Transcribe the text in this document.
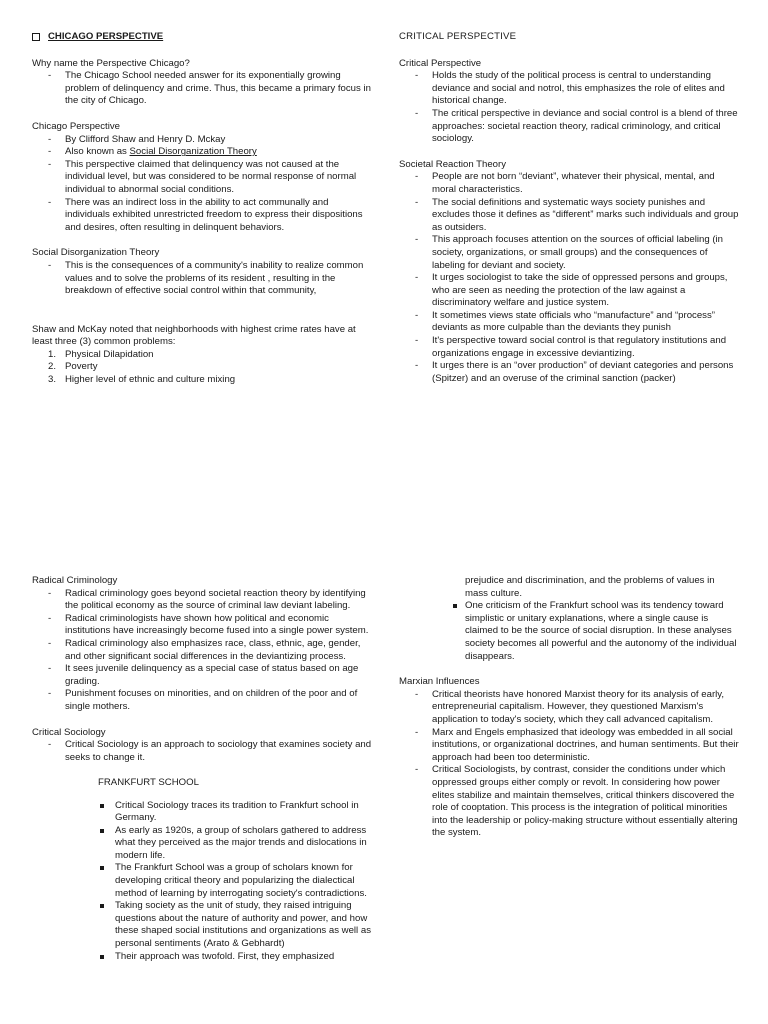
CHICAGO PERSPECTIVE

Why name the Perspective Chicago?

- The Chicago School needed answer for its exponentially growing problem of delinquency and crime. Thus, this became a primary focus in the city of Chicago.

Chicago Perspective

- By Clifford Shaw and Henry D. Mckay
- Also known as Social Disorganization Theory
- This perspective claimed that delinquency was not caused at the individual level, but was considered to be normal response of normal individual to abnormal social conditions.
- There was an indirect loss in the ability to act communally and individuals exhibited unrestricted freedom to express their dispositions and desires, often resulting in delinquent behaviors.

Social Disorganization Theory

- This is the consequences of a community's inability to realize common values and to solve the problems of its resident , resulting in the breakdown of effective social control within that community,

Shaw and McKay noted that neighborhoods with highest crime rates have at least three (3) common problems:

1. Physical Dilapidation
2. Poverty
3. Higher level of ethnic and culture mixing

CRITICAL PERSPECTIVE

Critical Perspective

- Holds the study of the political process is central to understanding deviance and social and notrol, this emphasizes the role of elites and historical change.
- The critical perspective in deviance and social control is a blend of three approaches: societal reaction theory, radical criminology, and critical sociology.

Societal Reaction Theory

- People are not born “deviant”, whatever their physical, mental, and moral characteristics.
- The social definitions and systematic ways society punishes and excludes those it defines as “different” marks such individuals and group as outsiders.
- This approach focuses attention on the sources of official labeling (in society, organizations, or small groups) and the consequences of labeling for deviant and society.
- It urges sociologist to take the side of oppressed persons and groups, who are seen as needing the protection of the law against a discriminatory welfare and justice system.
- It sometimes views state officials who “manufacture” and “process” deviants as more culpable than the deviants they punish
- It's perspective toward social control is that regulatory institutions and organizations engage in excessive deviantizing.
- It urges there is an “over production” of deviant categories and persons (Spitzer) and an overuse of the criminal sanction (packer)

Radical Criminology

- Radical criminology goes beyond societal reaction theory by identifying the political economy as the source of criminal law deviant labeling.
- Radical criminologists have shown how political and economic institutions have increasingly become fused into a single power system.
- Radical criminology also emphasizes race, class, ethnic, age, gender, and other significant social differences in the deviantizing process.
- It sees juvenile delinquency as a special case of status based on age grading.
- Punishment focuses on minorities, and on children of the poor and of single mothers.

Critical Sociology

- Critical Sociology is an approach to sociology that examines society and seeks to change it.

FRANKFURT SCHOOL

Critical Sociology traces its tradition to Frankfurt school in Germany.
As early as 1920s, a group of scholars gathered to address what they perceived as the major trends and dislocations in modern life.
The Frankfurt School was a group of scholars known for developing critical theory and popularizing the dialectical method of learning by interrogating society's contradictions.
Taking society as the unit of study, they raised intriguing questions about the nature of authority and power, and how these shaped social institutions and organizations as well as personal sentiments (Arato & Gebhardt)
Their approach was twofold. First, they emphasized

prejudice and discrimination, and the problems of values in mass culture.

One criticism of the Frankfurt school was its tendency toward simplistic or unitary explanations, where a single cause is claimed to be the source of social disruption. In these analyses society becomes all powerful and the autonomy of the individual disappears.

Marxian Influences

- Critical theorists have honored Marxist theory for its analysis of early, entrepreneurial capitalism. However, they questioned Marxism's application to today's society, which they call advanced capitalism.
- Marx and Engels emphasized that ideology was embedded in all social institutions, or organizational doctrines, and human sentiments. But their approach had been too deterministic.
- Critical Sociologists, by contrast, consider the conditions under which oppressed groups either comply or revolt. In considering how power elites stabilize and maintain themselves, critical thinkers discovered the role of cooptation. This process is the integration of political minorities into the leadership or policy-making structure without essentially altering the system.
